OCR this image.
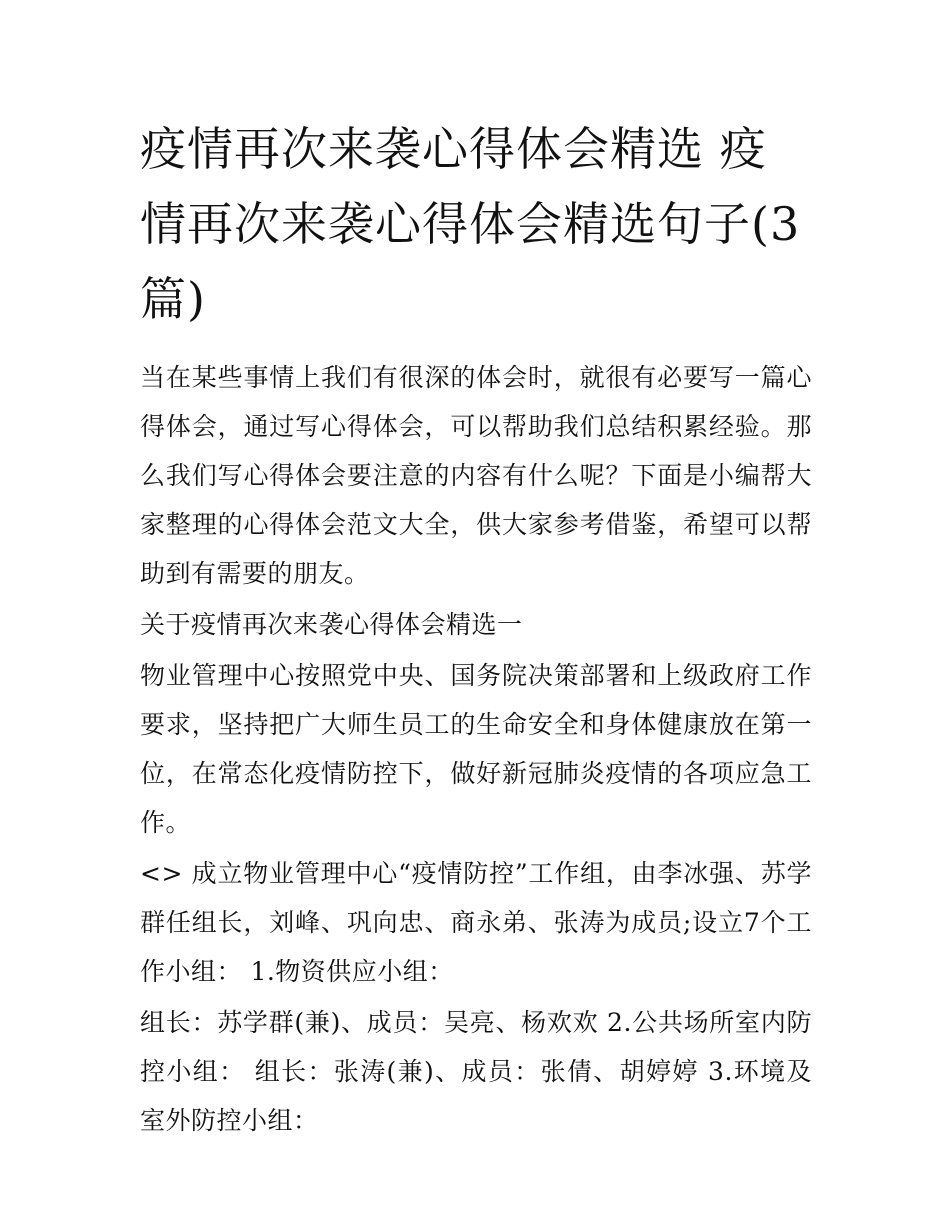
疫情再次来袭心得体会精选 疫情再次来袭心得体会精选句子(3篇)

当在某些事情上我们有很深的体会时，就很有必要写一篇心得体会，通过写心得体会，可以帮助我们总结积累经验。那么我们写心得体会要注意的内容有什么呢？下面是小编帮大家整理的心得体会范文大全，供大家参考借鉴，希望可以帮助到有需要的朋友。

关于疫情再次来袭心得体会精选一

物业管理中心按照党中央、国务院决策部署和上级政府工作要求，坚持把广大师生员工的生命安全和身体健康放在第一位，在常态化疫情防控下，做好新冠肺炎疫情的各项应急工作。

<> 成立物业管理中心“疫情防控”工作组，由李冰强、苏学群任组长，刘峰、巩向忠、商永弟、张涛为成员;设立7个工作小组： 1.物资供应小组：

组长：苏学群(兼)、成员：吴亮、杨欢欢 2.公共场所室内防控小组： 组长：张涛(兼)、成员：张倩、胡婷婷 3.环境及室外防控小组：
